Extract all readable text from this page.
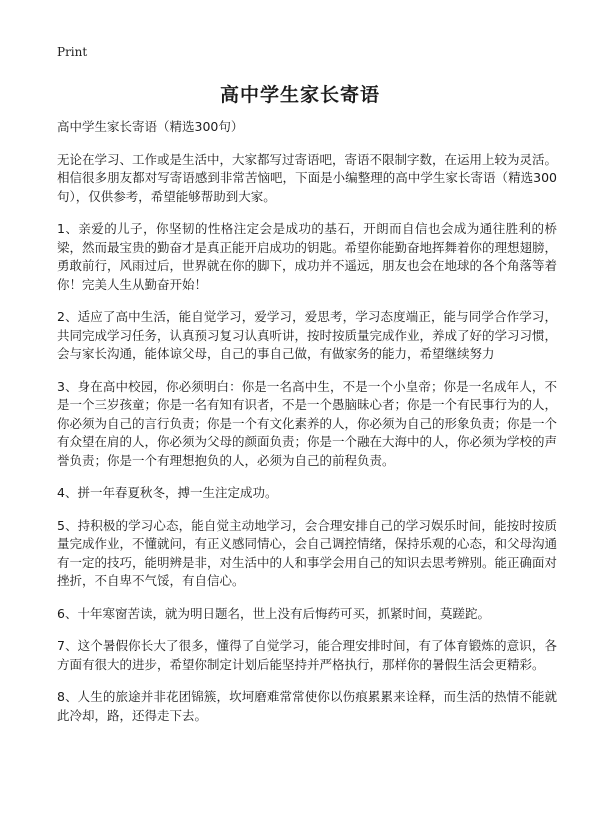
Print
高中学生家长寄语

高中学生家长寄语（精选300句）

无论在学习、工作或是生活中，大家都写过寄语吧，寄语不限制字数，在运用上较为灵活。相信很多朋友都对写寄语感到非常苦恼吧，下面是小编整理的高中学生家长寄语（精选300句），仅供参考，希望能够帮助到大家。

1、亲爱的儿子，你坚韧的性格注定会是成功的基石，开朗而自信也会成为通往胜利的桥梁，然而最宝贵的勤奋才是真正能开启成功的钥匙。希望你能勤奋地挥舞着你的理想翅膀，勇敢前行，风雨过后，世界就在你的脚下，成功并不遥远，朋友也会在地球的各个角落等着你！完美人生从勤奋开始！

2、适应了高中生活，能自觉学习，爱学习，爱思考，学习态度端正，能与同学合作学习，共同完成学习任务，认真预习复习认真听讲，按时按质量完成作业，养成了好的学习习惯，会与家长沟通，能体谅父母，自己的事自己做，有做家务的能力，希望继续努力

3、身在高中校园，你必须明白：你是一名高中生，不是一个小皇帝；你是一名成年人，不是一个三岁孩童；你是一名有知有识者，不是一个愚脑昧心者；你是一个有民事行为的人，你必须为自己的言行负责；你是一个有文化素养的人，你必须为自己的形象负责；你是一个有众望在肩的人，你必须为父母的颜面负责；你是一个融在大海中的人，你必须为学校的声誉负责；你是一个有理想抱负的人，必须为自己的前程负责。

4、拼一年春夏秋冬，搏一生注定成功。

5、持积极的学习心态，能自觉主动地学习，会合理安排自己的学习娱乐时间，能按时按质量完成作业，不懂就问，有正义感同情心，会自己调控情绪，保持乐观的心态，和父母沟通有一定的技巧，能明辨是非，对生活中的人和事学会用自己的知识去思考辨别。能正确面对挫折，不自卑不气馁，有自信心。

6、十年寒窗苦读，就为明日题名，世上没有后悔药可买，抓紧时间，莫蹉跎。

7、这个暑假你长大了很多，懂得了自觉学习，能合理安排时间，有了体育锻炼的意识，各方面有很大的进步，希望你制定计划后能坚持并严格执行，那样你的暑假生活会更精彩。

8、人生的旅途并非花团锦簇，坎坷磨难常常使你以伤痕累累来诠释，而生活的热情不能就此冷却，路，还得走下去。
